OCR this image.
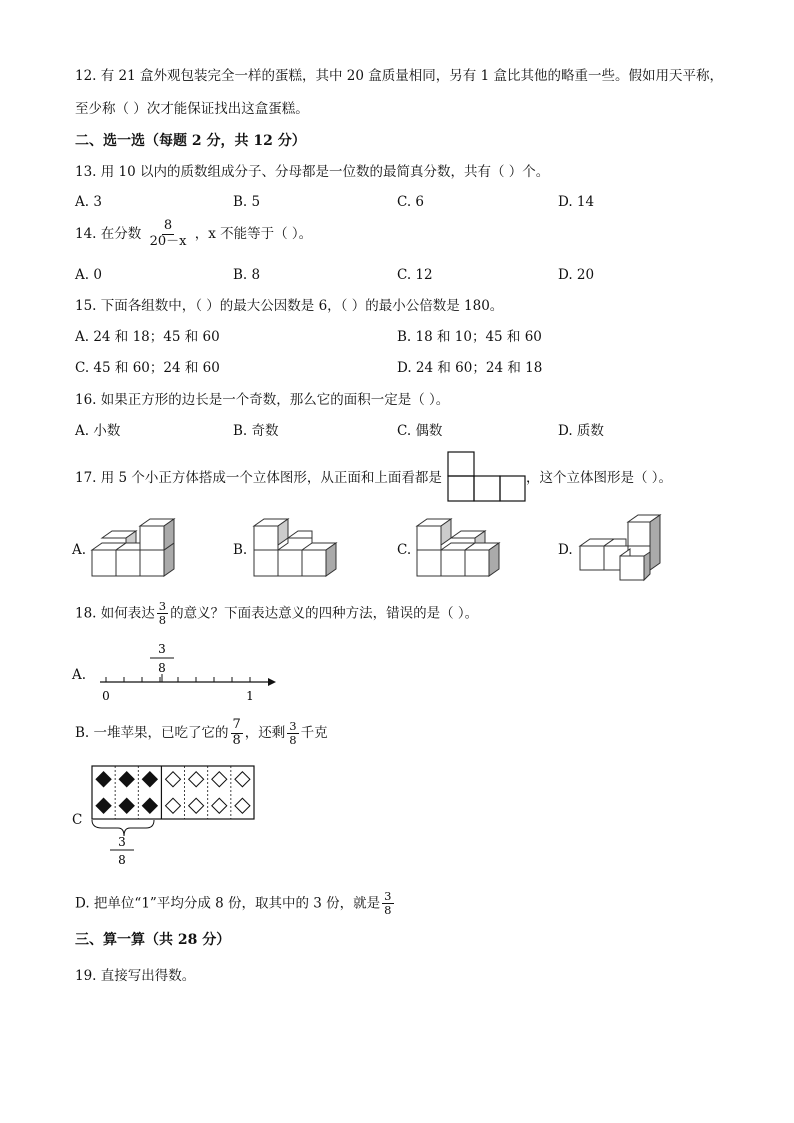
12. 有 21 盒外观包装完全一样的蛋糕，其中 20 盒质量相同，另有 1 盒比其他的略重一些。假如用天平称，
至少称（ ）次才能保证找出这盒蛋糕。
二、选一选（每题 2 分，共 12 分）
13. 用 10 以内的质数组成分子、分母都是一位数的最简真分数，共有（ ）个。
A. 3	B. 5	C. 6	D. 14
14. 在分数 $\frac{8}{20-x}$ ，x 不能等于（ ）。
A. 0	B. 8	C. 12	D. 20
15. 下面各组数中，（ ）的最大公因数是 6，（ ）的最小公倍数是 180。
A. 24 和 18；45 和 60	B. 18 和 10；45 和 60
C. 45 和 60；24 和 60	D. 24 和 60；24 和 18
16. 如果正方形的边长是一个奇数，那么它的面积一定是（ ）。
A. 小数	B. 奇数	C. 偶数	D. 质数
17. 用 5 个小正方体搭成一个立体图形，从正面和上面看都是	，这个立体图形是（ ）。
A.	B.	C.	D.
18. 如何表达 $\frac{3}{8}$ 的意义？下面表达意义的四种方法，错误的是（ ）。
A.
3
8
0	1
B. 一堆苹果，已吃了它的 $\frac{7}{8}$ ，还剩 $\frac{3}{8}$ 千克
C
3
8
D. 把单位“1”平均分成 8 份，取其中的 3 份，就是 $\frac{3}{8}$
三、算一算（共 28 分）
19. 直接写出得数。
